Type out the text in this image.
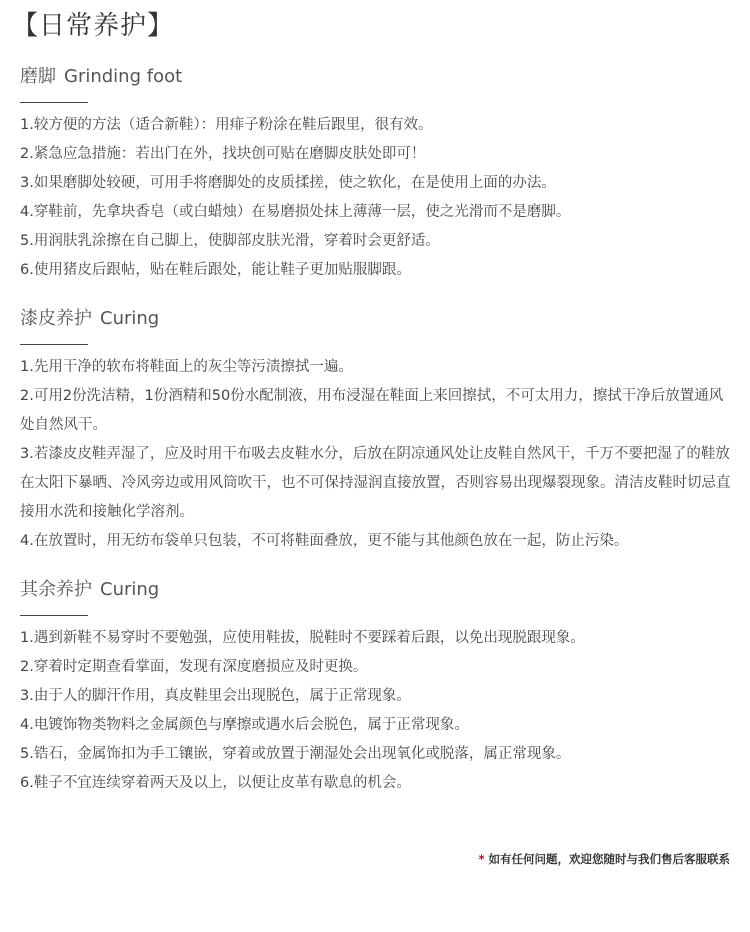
【日常养护】
磨脚 Grinding foot
1.较方便的方法（适合新鞋）：用痱子粉涂在鞋后跟里，很有效。
2.紧急应急措施：若出门在外，找块创可贴在磨脚皮肤处即可！
3.如果磨脚处较硬，可用手将磨脚处的皮质揉搓，使之软化，在是使用上面的办法。
4.穿鞋前，先拿块香皂（或白蜡烛）在易磨损处抹上薄薄一层，使之光滑而不是磨脚。
5.用润肤乳涂擦在自己脚上，使脚部皮肤光滑，穿着时会更舒适。
6.使用猪皮后跟帖，贴在鞋后跟处，能让鞋子更加贴服脚跟。
漆皮养护 Curing
1.先用干净的软布将鞋面上的灰尘等污渍擦拭一遍。
2.可用2份洗洁精，1份酒精和50份水配制液，用布浸湿在鞋面上来回擦拭，不可太用力，擦拭干净后放置通风处自然风干。
3.若漆皮皮鞋弄湿了，应及时用干布吸去皮鞋水分，后放在阴凉通风处让皮鞋自然风干，千万不要把湿了的鞋放在太阳下暴晒、冷风旁边或用风筒吹干，也不可保持湿润直接放置，否则容易出现爆裂现象。清洁皮鞋时切忌直接用水洗和接触化学溶剂。
4.在放置时，用无纺布袋单只包装，不可将鞋面叠放，更不能与其他颜色放在一起，防止污染。
其余养护 Curing
1.遇到新鞋不易穿时不要勉强，应使用鞋拔，脱鞋时不要踩着后跟，以免出现脱跟现象。
2.穿着时定期查看掌面，发现有深度磨损应及时更换。
3.由于人的脚汗作用，真皮鞋里会出现脱色，属于正常现象。
4.电镀饰物类物料之金属颜色与摩擦或遇水后会脱色，属于正常现象。
5.锆石，金属饰扣为手工镶嵌，穿着或放置于潮湿处会出现氧化或脱落，属正常现象。
6.鞋子不宜连续穿着两天及以上，以便让皮革有歇息的机会。
* 如有任何问题，欢迎您随时与我们售后客服联系
